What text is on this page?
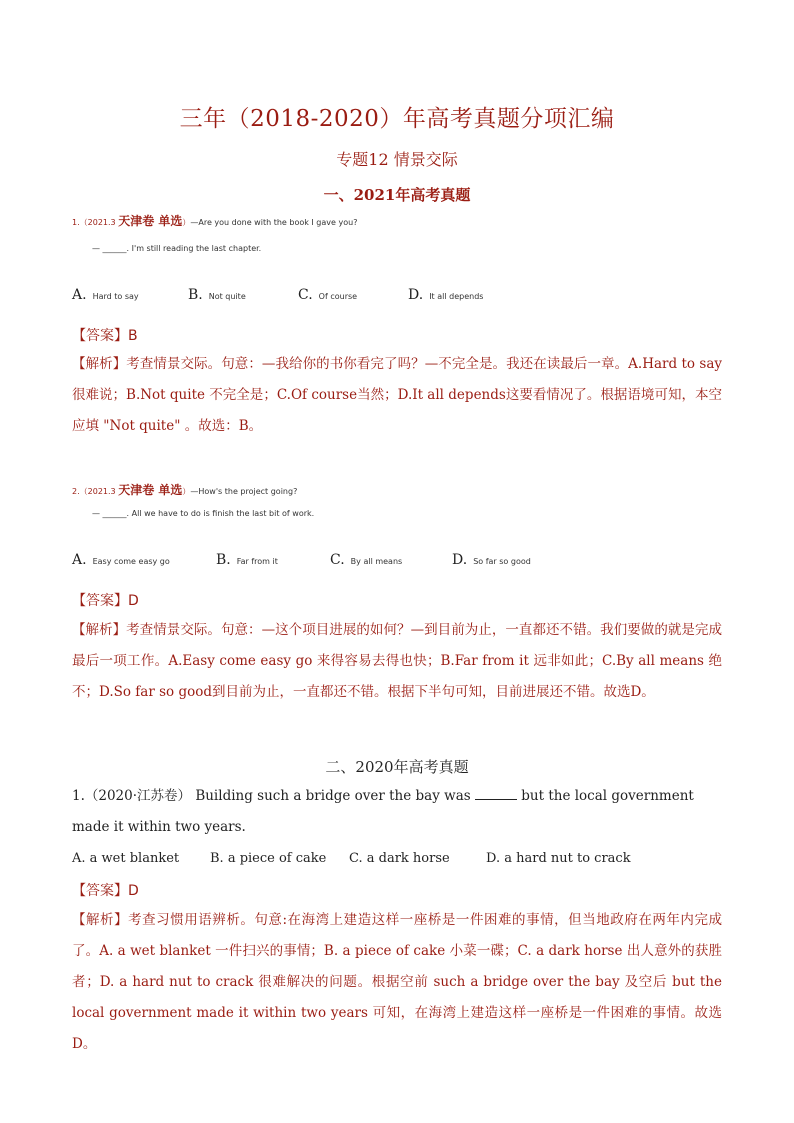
三年（2018-2020）年高考真题分项汇编
专题12 情景交际
一、2021年高考真题
1.（2021.3 天津卷 单选）—Are you done with the book I gave you?
— ______. I'm still reading the last chapter.
A. Hard to say	B. Not quite	C. Of course	D. It all depends
【答案】B
【解析】考查情景交际。句意：—我给你的书你看完了吗？—不完全是。我还在读最后一章。A.Hard to say很难说；B.Not quite 不完全是；C.Of course当然；D.It all depends这要看情况了。根据语境可知，本空应填 "Not quite" 。故选：B。
2.（2021.3 天津卷 单选）—How's the project going?
— ______. All we have to do is finish the last bit of work.
A. Easy come easy go	B. Far from it	C. By all means	D. So far so good
【答案】D
【解析】考查情景交际。句意：—这个项目进展的如何？—到目前为止，一直都还不错。我们要做的就是完成最后一项工作。A.Easy come easy go 来得容易去得也快；B.Far from it 远非如此；C.By all means 绝不；D.So far so good到目前为止，一直都还不错。根据下半句可知，目前进展还不错。故选D。
二、2020年高考真题
1.（2020·江苏卷） Building such a bridge over the bay was	but the local government made it within two years.
A. a wet blanket B. a piece of cake C. a dark horse	D. a hard nut to crack
【答案】D
【解析】考查习惯用语辨析。句意:在海湾上建造这样一座桥是一件困难的事情，但当地政府在两年内完成了。A. a wet blanket 一件扫兴的事情；B. a piece of cake 小菜一碟；C. a dark horse 出人意外的获胜者；D. a hard nut to crack 很难解决的问题。根据空前 such a bridge over the bay 及空后 but the local government made it within two years 可知，在海湾上建造这样一座桥是一件困难的事情。故选D。
